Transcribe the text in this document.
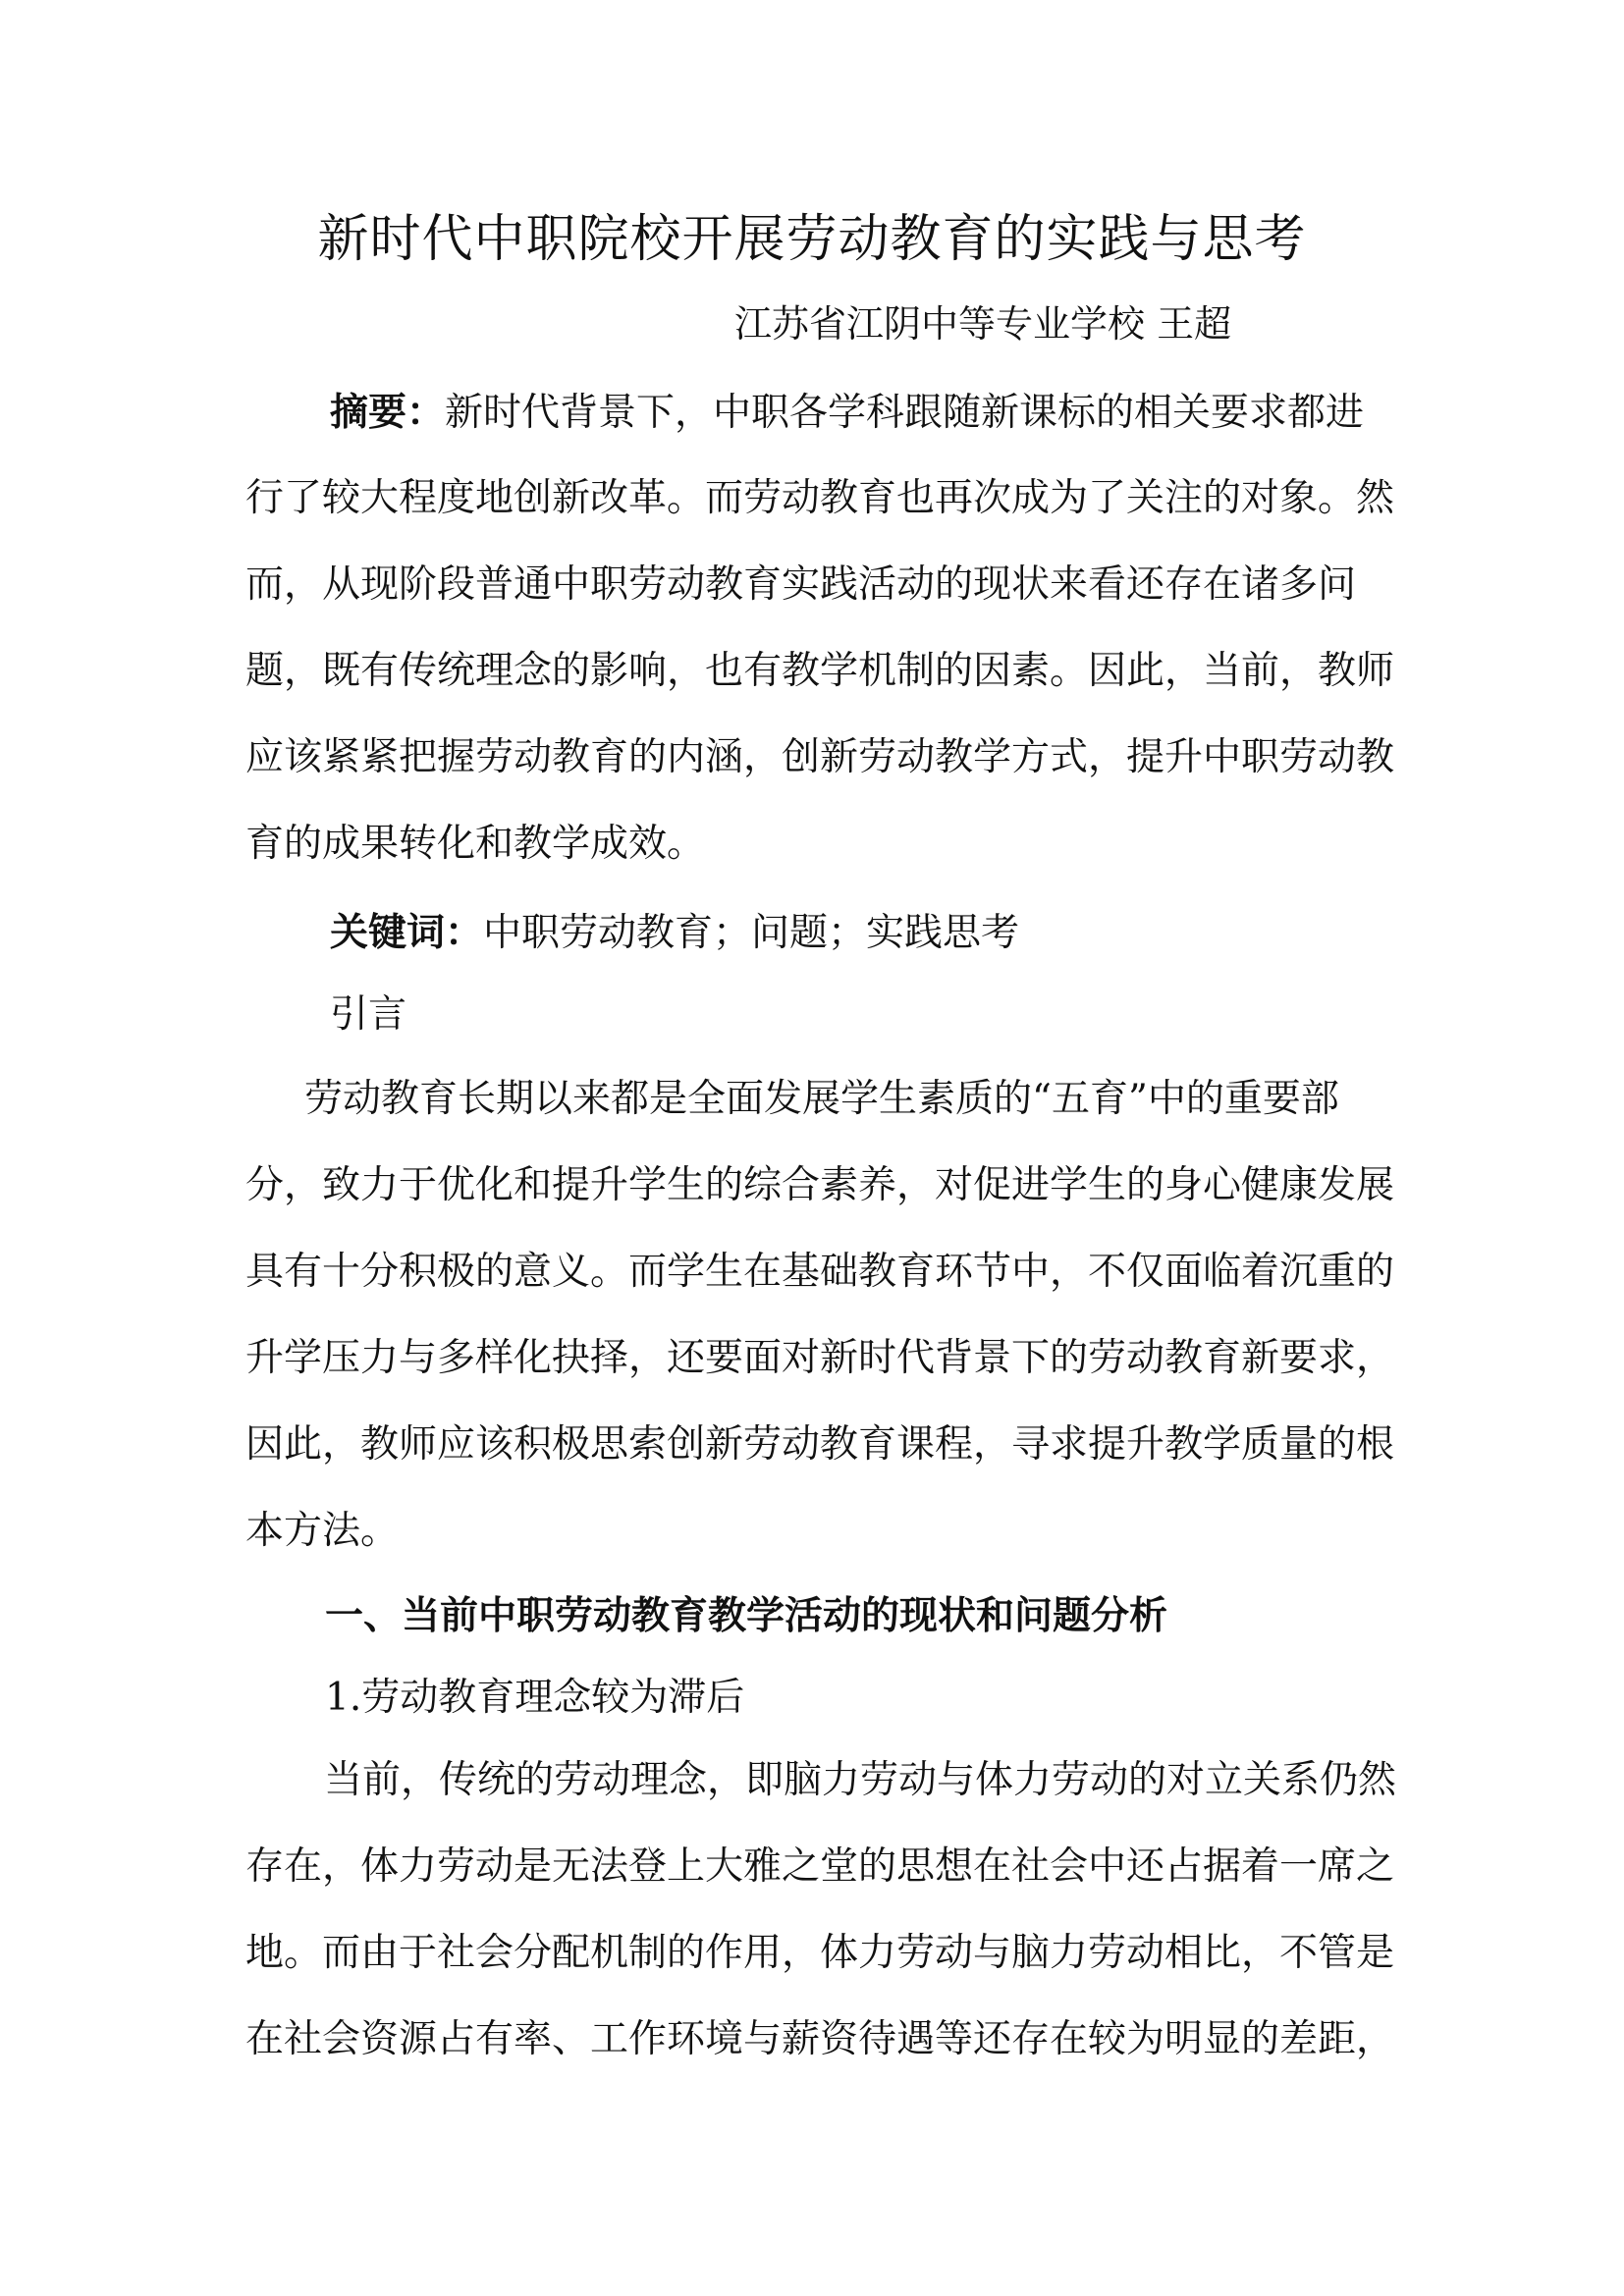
新时代中职院校开展劳动教育的实践与思考
江苏省江阴中等专业学校 王超
摘要：新时代背景下，中职各学科跟随新课标的相关要求都进
行了较大程度地创新改革。而劳动教育也再次成为了关注的对象。然
而，从现阶段普通中职劳动教育实践活动的现状来看还存在诸多问
题，既有传统理念的影响，也有教学机制的因素。因此，当前，教师
应该紧紧把握劳动教育的内涵，创新劳动教学方式，提升中职劳动教
育的成果转化和教学成效。
关键词：中职劳动教育；问题；实践思考
引言
劳动教育长期以来都是全面发展学生素质的“五育”中的重要部
分，致力于优化和提升学生的综合素养，对促进学生的身心健康发展
具有十分积极的意义。而学生在基础教育环节中，不仅面临着沉重的
升学压力与多样化抉择，还要面对新时代背景下的劳动教育新要求，
因此，教师应该积极思索创新劳动教育课程，寻求提升教学质量的根
本方法。
一、当前中职劳动教育教学活动的现状和问题分析
1.劳动教育理念较为滞后
当前，传统的劳动理念，即脑力劳动与体力劳动的对立关系仍然
存在，体力劳动是无法登上大雅之堂的思想在社会中还占据着一席之
地。而由于社会分配机制的作用，体力劳动与脑力劳动相比，不管是
在社会资源占有率、工作环境与薪资待遇等还存在较为明显的差距，
